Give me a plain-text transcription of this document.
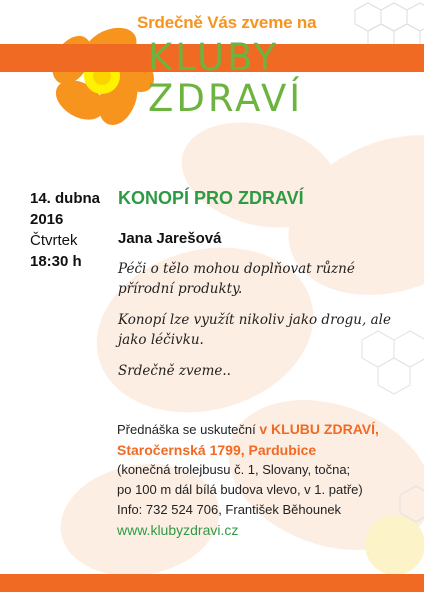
Srdečně Vás zveme na
KLUBY
ZDRAVÍ
14. dubna
2016
Čtvrtek
18:30 h
KONOPÍ PRO ZDRAVÍ
Jana Jarešová

Péči o tělo mohou doplňovat různé přírodní produkty.

Konopí lze využít nikoliv jako drogu, ale jako léčivku.

Srdečně zveme..

Přednáška se uskuteční v KLUBU ZDRAVÍ,
Staročernská 1799, Pardubice
(konečná trolejbusu č. 1, Slovany, točna;
po 100 m dál bílá budova vlevo, v 1. patře)
Info: 732 524 706, František Běhounek
www.klubyzdravi.cz
